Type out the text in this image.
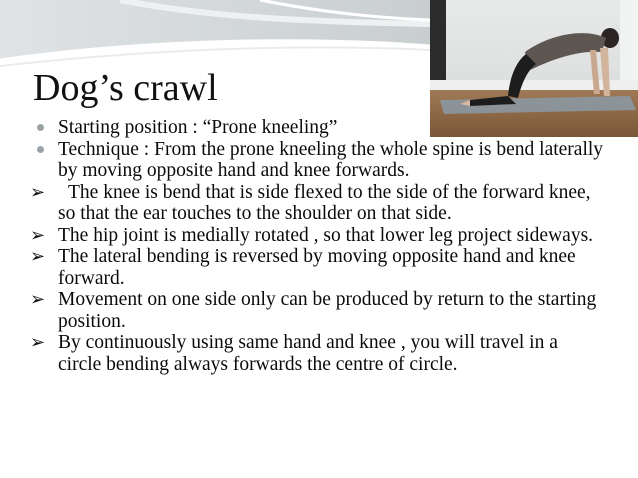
Dog’s crawl

Starting position : “Prone kneeling”

Technique : From the prone kneeling the whole spine is bend laterally by moving opposite hand and knee forwards.

➢ The knee is bend that is side flexed to the side of the forward knee, so that the ear touches to the shoulder on that side.

➢ The hip joint is medially rotated , so that lower leg project sideways.

➢ The lateral bending is reversed by moving opposite hand and knee forward.

➢ Movement on one side only can be produced by return to the starting position.

➢ By continuously using same hand and knee , you will travel in a circle bending always forwards the centre of circle.
